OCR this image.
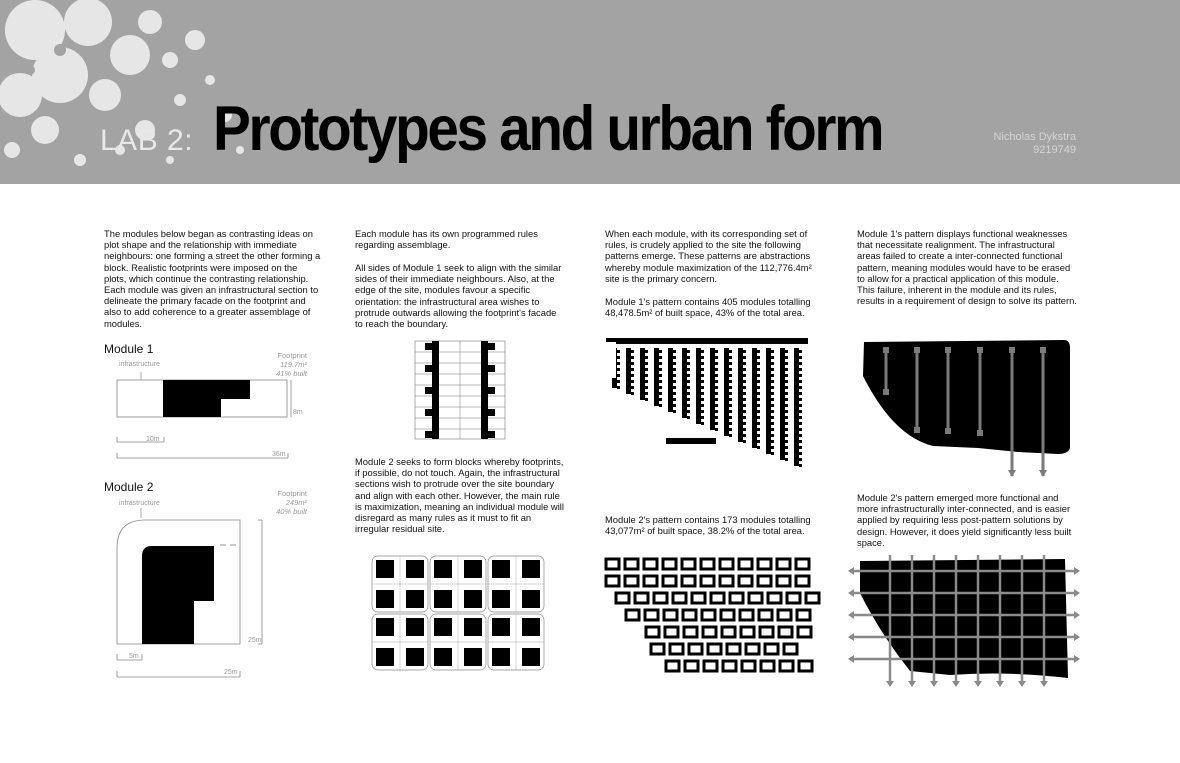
LAB 2: Prototypes and urban form	Nicholas Dykstra
9219749

The modules below began as contrasting ideas on plot shape and the relationship with immediate neighbours: one forming a street the other forming a block. Realistic footprints were imposed on the plots, which continue the contrasting relationship. Each module was given an infrastructural section to delineate the primary facade on the footprint and also to add coherence to a greater assemblage of modules.

Module 1
infrastructure
Footprint
119.7m²
41% built
8m
10m
36m
Module 2
infrastructure
Footprint
249m²
40% built
25m
5m
25m

Each module has its own programmed rules regarding assemblage.

All sides of Module 1 seek to align with the similar sides of their immediate neighbours. Also, at the edge of the site, modules favour a specific orientation: the infrastructural area wishes to protrude outwards allowing the footprint's facade to reach the boundary.

Module 2 seeks to form blocks whereby footprints, if possible, do not touch. Again, the infrastructural sections wish to protrude over the site boundary and align with each other. However, the main rule is maximization, meaning an individual module will disregard as many rules as it must to fit an irregular residual site.

When each module, with its corresponding set of rules, is crudely applied to the site the following patterns emerge. These patterns are abstractions whereby module maximization of the 112,776.4m² site is the primary concern.

Module 1's pattern contains 405 modules totalling 48,478.5m² of built space, 43% of the total area.

Module 2's pattern contains 173 modules totalling 43,077m² of built space, 38.2% of the total area.

Module 1's pattern displays functional weaknesses that necessitate realignment. The infrastructural areas failed to create a inter-connected functional pattern, meaning modules would have to be erased to allow for a practical application of this module. This failure, inherent in the module and its rules, results in a requirement of design to solve its pattern.

Module 2's pattern emerged more functional and more infrastructurally inter-connected, and is easier applied by requiring less post-pattern solutions by design. However, it does yield significantly less built space.
